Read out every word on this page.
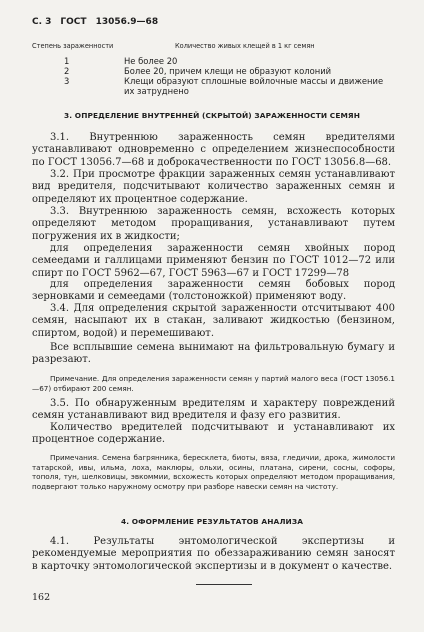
С. 3 ГОСТ 13056.9—68
Степень зараженности	Количество живых клещей в 1 кг семян
1	Не более 20
2	Более 20, причем клещи не образуют колоний
3	Клещи образуют сплошные войлочные массы и движение их затруднено
3. ОПРЕДЕЛЕНИЕ ВНУТРЕННЕЙ (СКРЫТОЙ) ЗАРАЖЕННОСТИ СЕМЯН

3.1. Внутреннюю зараженность семян вредителями устанавливают одновременно с определением жизнеспособности по ГОСТ 13056.7—68 и доброкачественности по ГОСТ 13056.8—68.

3.2. При просмотре фракции зараженных семян устанавливают вид вредителя, подсчитывают количество зараженных семян и определяют их процентное содержание.

3.3. Внутреннюю зараженность семян, всхожесть которых определяют методом проращивания, устанавливают путем погружения их в жидкости;

для определения зараженности семян хвойных пород семеедами и галлицами применяют бензин по ГОСТ 1012—72 или спирт по ГОСТ 5962—67, ГОСТ 5963—67 и ГОСТ 17299—78

для определения зараженности семян бобовых пород зерновками и семеедами (толстоножкой) применяют воду.

3.4. Для определения скрытой зараженности отсчитывают 400 семян, насыпают их в стакан, заливают жидкостью (бензином, спиртом, водой) и перемешивают.

Все всплывшие семена вынимают на фильтровальную бумагу и разрезают.

Примечание. Для определения зараженности семян у партий малого веса (ГОСТ 13056.1—67) отбирают 200 семян.

3.5. По обнаруженным вредителям и характеру повреждений семян устанавливают вид вредителя и фазу его развития.

Количество вредителей подсчитывают и устанавливают их процентное содержание.

Примечания. Семена багрянника, бересклета, биоты, вяза, гледичии, дрока, жимолости татарской, ивы, ильма, лоха, маклюры, ольхи, осины, платана, сирени, сосны, софоры, тополя, тун, шелковицы, эвкоммии, всхожесть которых определяют методом проращивания, подвергают только наружному осмотру при разборе навески семян на чистоту.

4. ОФОРМЛЕНИЕ РЕЗУЛЬТАТОВ АНАЛИЗА

4.1. Результаты энтомологической экспертизы и рекомендуемые мероприятия по обеззараживанию семян заносят в карточку энтомологической экспертизы и в документ о качестве.

162
